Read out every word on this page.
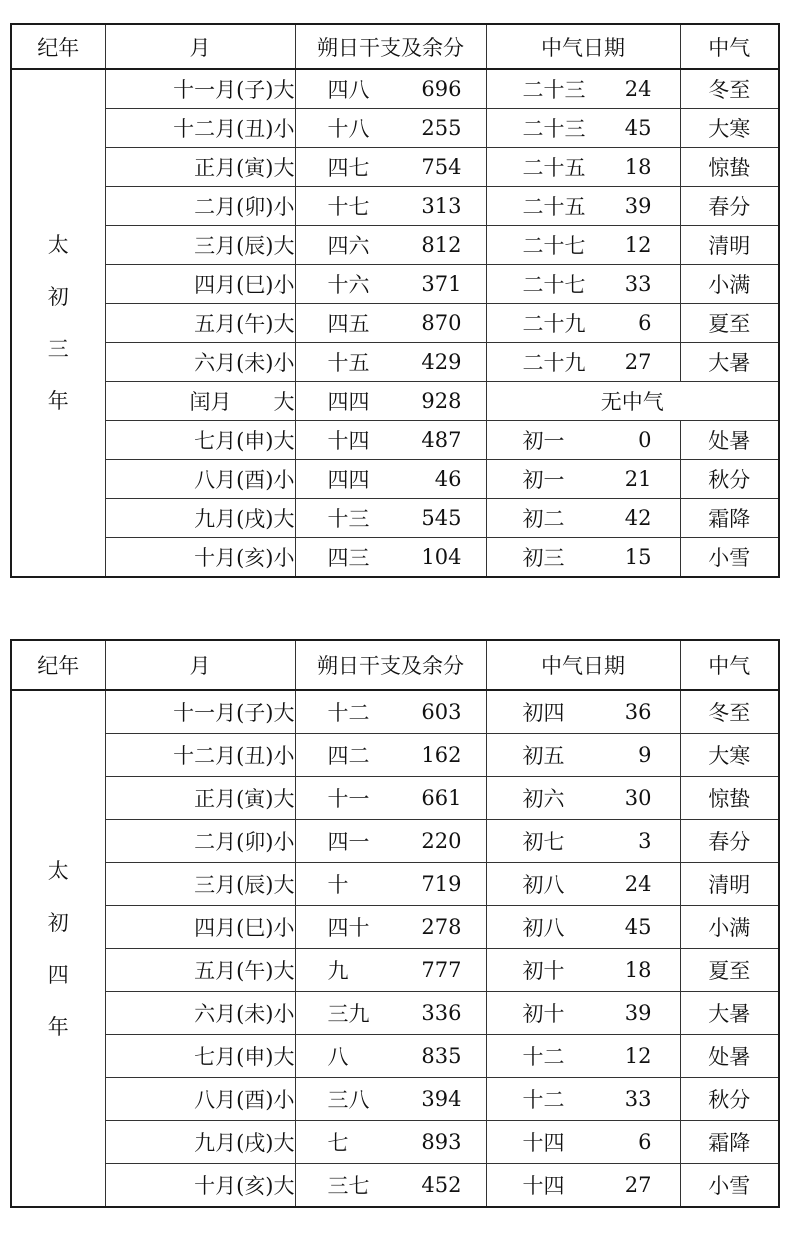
纪年	月	朔日干支及余分	中气日期	中气

太
初
三
年	十一月(子)大	四八 696	二十三 24	冬至
	十二月(丑)小	十八 255	二十三 45	大寒
	正月(寅)大	四七 754	二十五 18	惊蛰
	二月(卯)小	十七 313	二十五 39	春分
	三月(辰)大	四六 812	二十七 12	清明
	四月(巳)小	十六 371	二十七 33	小满
	五月(午)大	四五 870	二十九 6	夏至
	六月(未)小	十五 429	二十九 27	大暑
	闰月　　大	四四 928	无中气	
	七月(申)大	十四 487	初一 0	处暑
	八月(酉)小	四四 46	初一 21	秋分
	九月(戌)大	十三 545	初二 42	霜降
	十月(亥)小	四三 104	初三 15	小雪
纪年	月	朔日干支及余分	中气日期	中气

太
初
四
年	十一月(子)大	十二 603	初四 36	冬至
	十二月(丑)小	四二 162	初五 9	大寒
	正月(寅)大	十一 661	初六 30	惊蛰
	二月(卯)小	四一 220	初七 3	春分
	三月(辰)大	十 719	初八 24	清明
	四月(巳)小	四十 278	初八 45	小满
	五月(午)大	九 777	初十 18	夏至
	六月(未)小	三九 336	初十 39	大暑
	七月(申)大	八 835	十二 12	处暑
	八月(酉)小	三八 394	十二 33	秋分
	九月(戌)大	七 893	十四 6	霜降
	十月(亥)大	三七 452	十四 27	小雪
